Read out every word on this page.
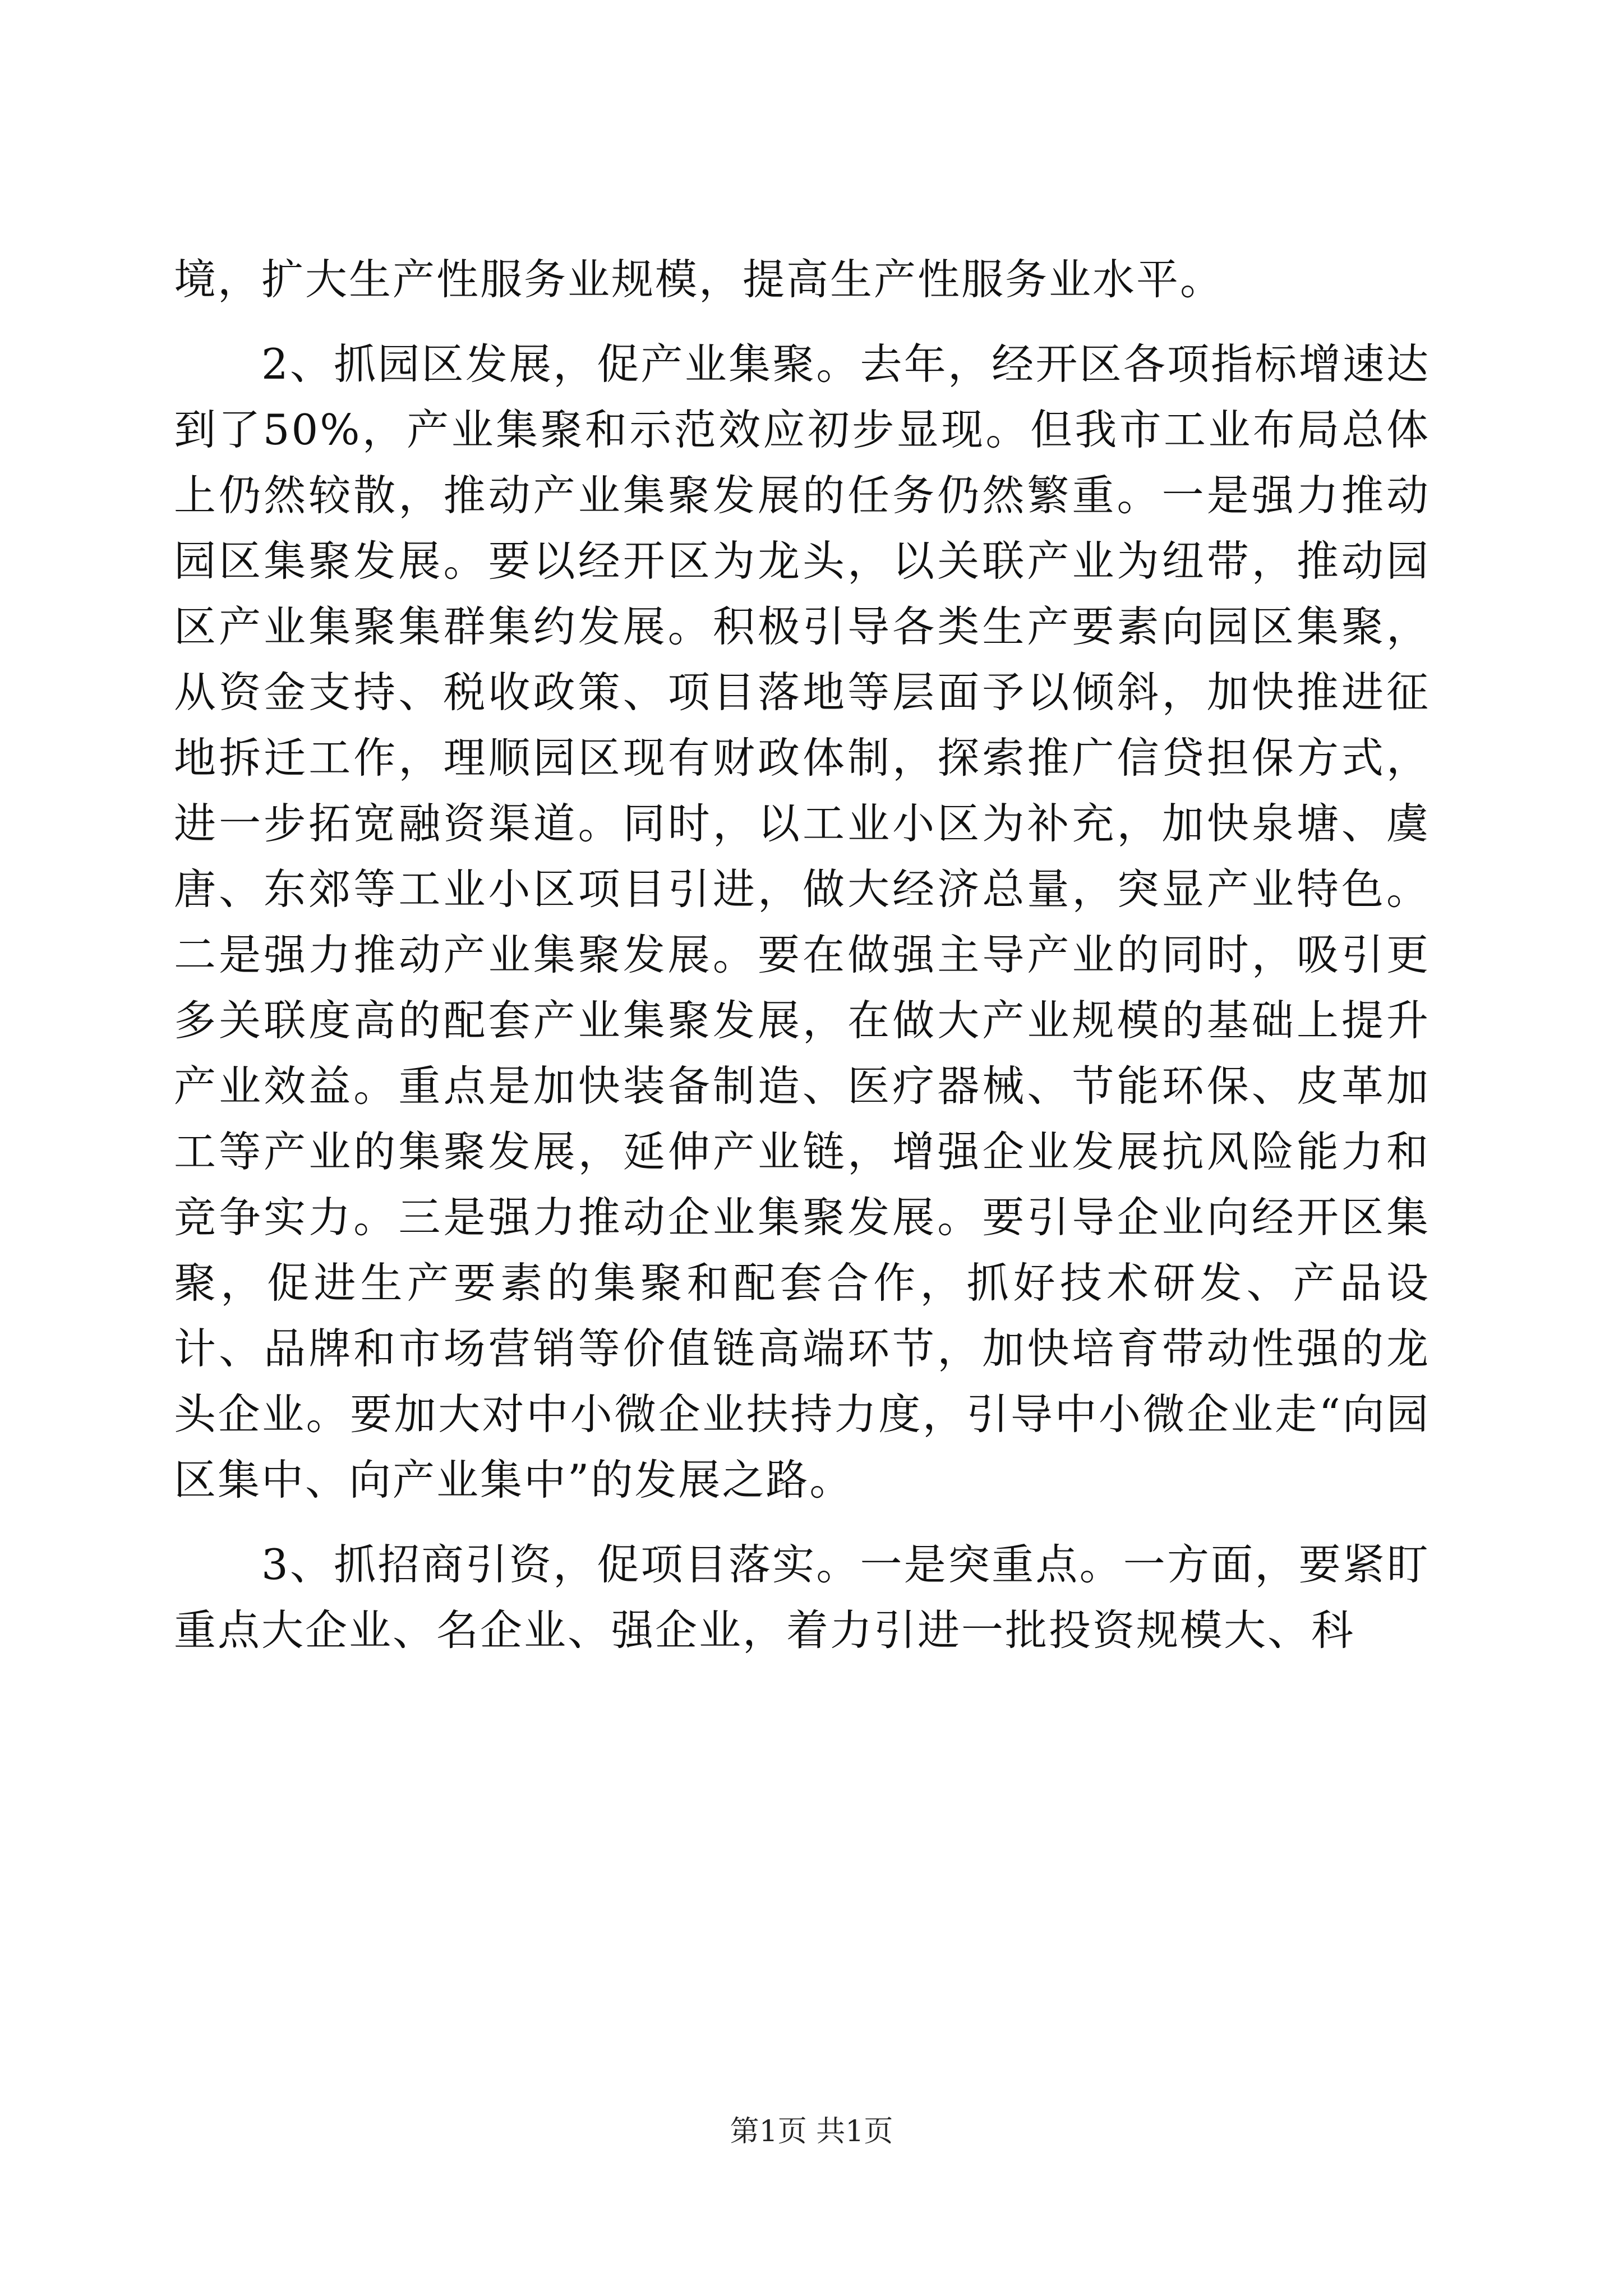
境，扩大生产性服务业规模，提高生产性服务业水平。

2、抓园区发展，促产业集聚。去年，经开区各项指标增速达到了50%，产业集聚和示范效应初步显现。但我市工业布局总体上仍然较散，推动产业集聚发展的任务仍然繁重。一是强力推动园区集聚发展。要以经开区为龙头，以关联产业为纽带，推动园区产业集聚集群集约发展。积极引导各类生产要素向园区集聚，从资金支持、税收政策、项目落地等层面予以倾斜，加快推进征地拆迁工作，理顺园区现有财政体制，探索推广信贷担保方式，进一步拓宽融资渠道。同时，以工业小区为补充，加快泉塘、虞唐、东郊等工业小区项目引进，做大经济总量，突显产业特色。二是强力推动产业集聚发展。要在做强主导产业的同时，吸引更多关联度高的配套产业集聚发展，在做大产业规模的基础上提升产业效益。重点是加快装备制造、医疗器械、节能环保、皮革加工等产业的集聚发展，延伸产业链，增强企业发展抗风险能力和竞争实力。三是强力推动企业集聚发展。要引导企业向经开区集聚，促进生产要素的集聚和配套合作，抓好技术研发、产品设计、品牌和市场营销等价值链高端环节，加快培育带动性强的龙头企业。要加大对中小微企业扶持力度，引导中小微企业走“向园区集中、向产业集中”的发展之路。

3、抓招商引资，促项目落实。一是突重点。一方面，要紧盯重点大企业、名企业、强企业，着力引进一批投资规模大、科

第1页 共1页
